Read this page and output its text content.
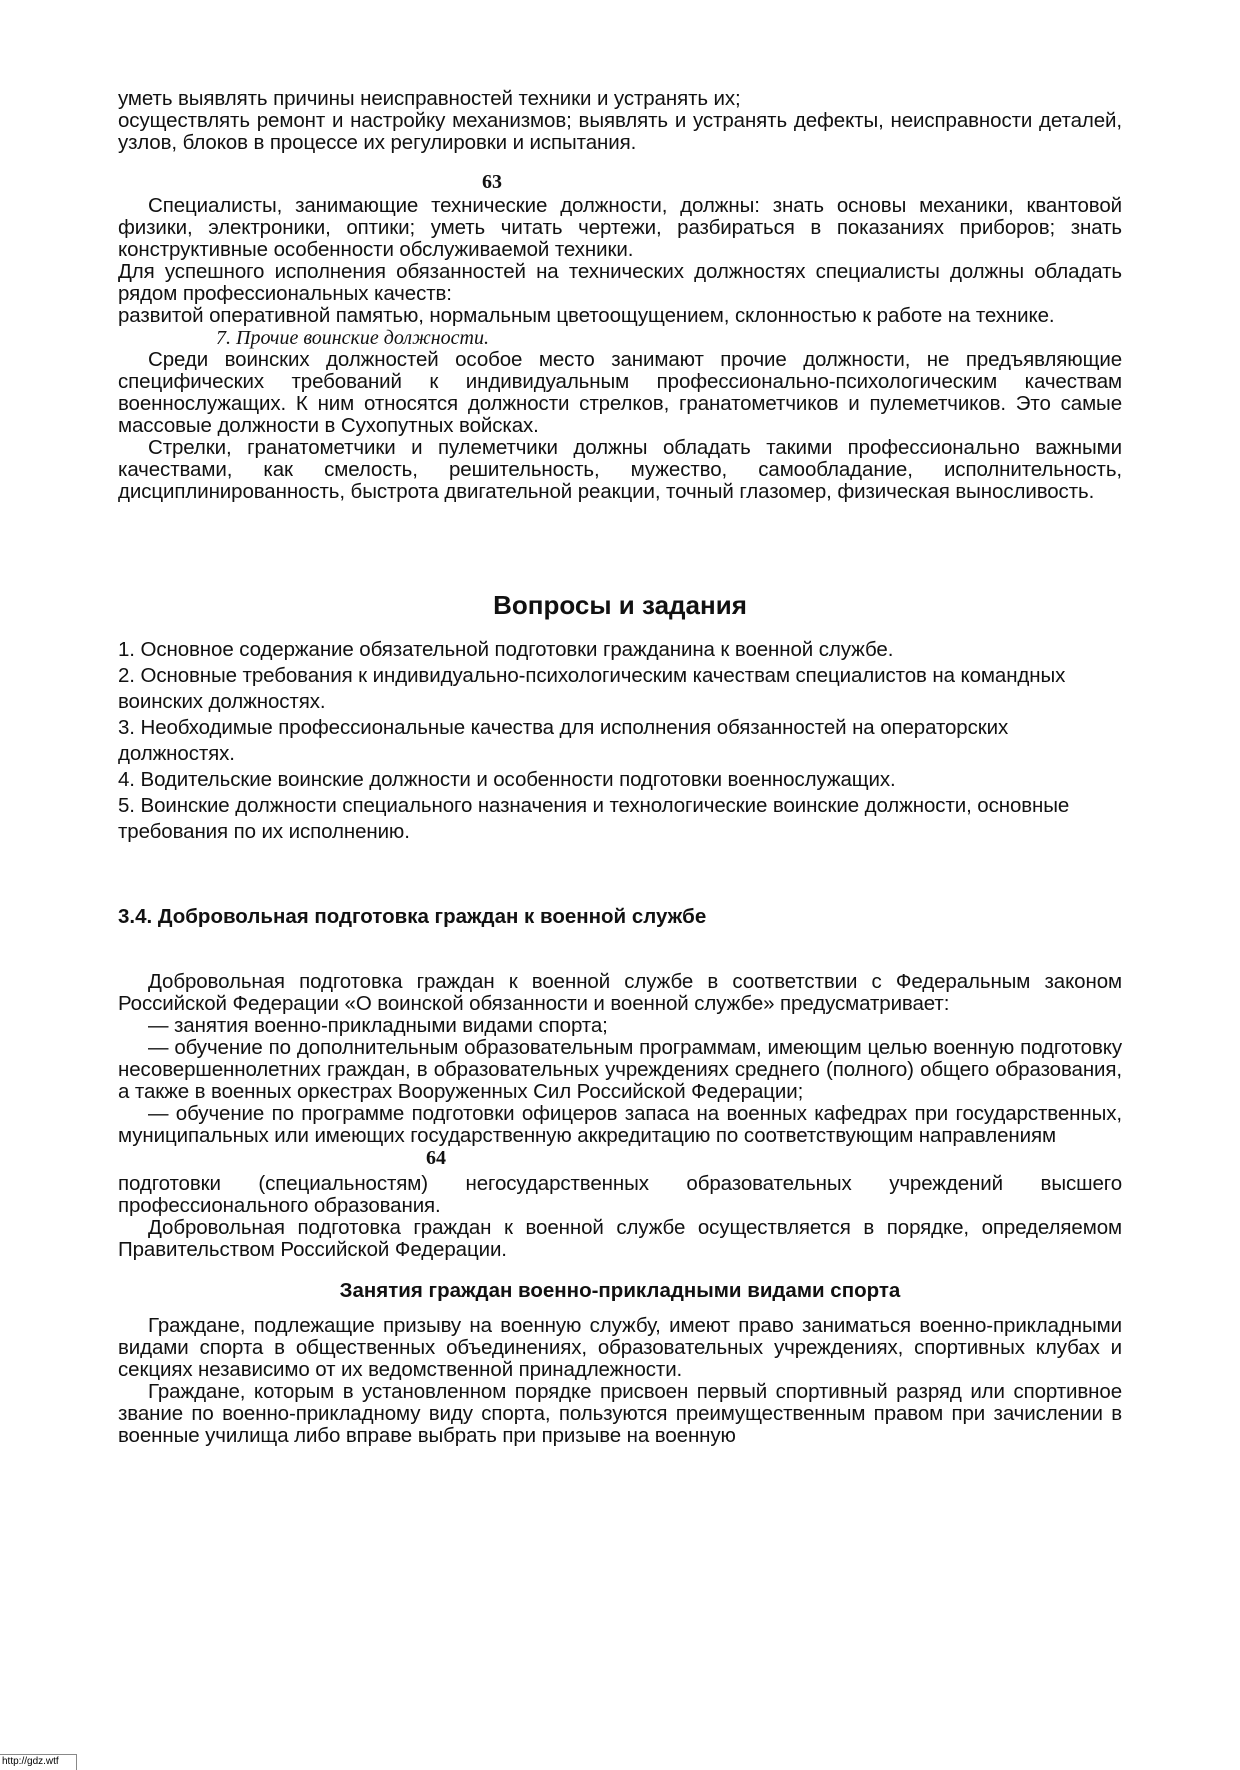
уметь выявлять причины неисправностей техники и устранять их;

осуществлять ремонт и настройку механизмов; выявлять и устранять дефекты, неисправности деталей, узлов, блоков в процессе их регулировки и испытания.

63

Специалисты, занимающие технические должности, должны: знать основы механики, квантовой физики, электроники, оптики; уметь читать чертежи, разбираться в показаниях приборов; знать конструктивные особенности обслуживаемой техники.

Для успешного исполнения обязанностей на технических должностях специалисты должны обладать рядом профессиональных качеств:

развитой оперативной памятью, нормальным цветоощущением, склонностью к работе на технике.

7. Прочие воинские должности.

Среди воинских должностей особое место занимают прочие должности, не предъявляющие специфических требований к индивидуальным профессионально-психологическим качествам военнослужащих. К ним относятся должности стрелков, гранатометчиков и пулеметчиков. Это самые массовые должности в Сухопутных войсках.

Стрелки, гранатометчики и пулеметчики должны обладать такими профессионально важными качествами, как смелость, решительность, мужество, самообладание, исполнительность, дисциплинированность, быстрота двигательной реакции, точный глазомер, физическая выносливость.

Вопросы и задания

1. Основное содержание обязательной подготовки гражданина к военной службе.

2. Основные требования к индивидуально-психологическим качествам специалистов на командных воинских должностях.

3. Необходимые профессиональные качества для исполнения обязанностей на операторских должностях.

4. Водительские воинские должности и особенности подготовки военнослужащих.

5. Воинские должности специального назначения и технологические воинские должности, основные требования по их исполнению.

3.4. Добровольная подготовка граждан к военной службе

Добровольная подготовка граждан к военной службе в соответствии с Федеральным законом Российской Федерации «О воинской обязанности и военной службе» предусматривает:

— занятия военно-прикладными видами спорта;

— обучение по дополнительным образовательным программам, имеющим целью военную подготовку несовершеннолетних граждан, в образовательных учреждениях среднего (полного) общего образования, а также в военных оркестрах Вооруженных Сил Российской Федерации;

— обучение по программе подготовки офицеров запаса на военных кафедрах при государственных, муниципальных или имеющих государственную аккредитацию по соответствующим направлениям

64

подготовки (специальностям) негосударственных образовательных учреждений высшего профессионального образования.

Добровольная подготовка граждан к военной службе осуществляется в порядке, определяемом Правительством Российской Федерации.

Занятия граждан военно-прикладными видами спорта

Граждане, подлежащие призыву на военную службу, имеют право заниматься военно-прикладными видами спорта в общественных объединениях, образовательных учреждениях, спортивных клубах и секциях независимо от их ведомственной принадлежности.

Граждане, которым в установленном порядке присвоен первый спортивный разряд или спортивное звание по военно-прикладному виду спорта, пользуются преимущественным правом при зачислении в военные училища либо вправе выбрать при призыве на военную

http://gdz.wtf
